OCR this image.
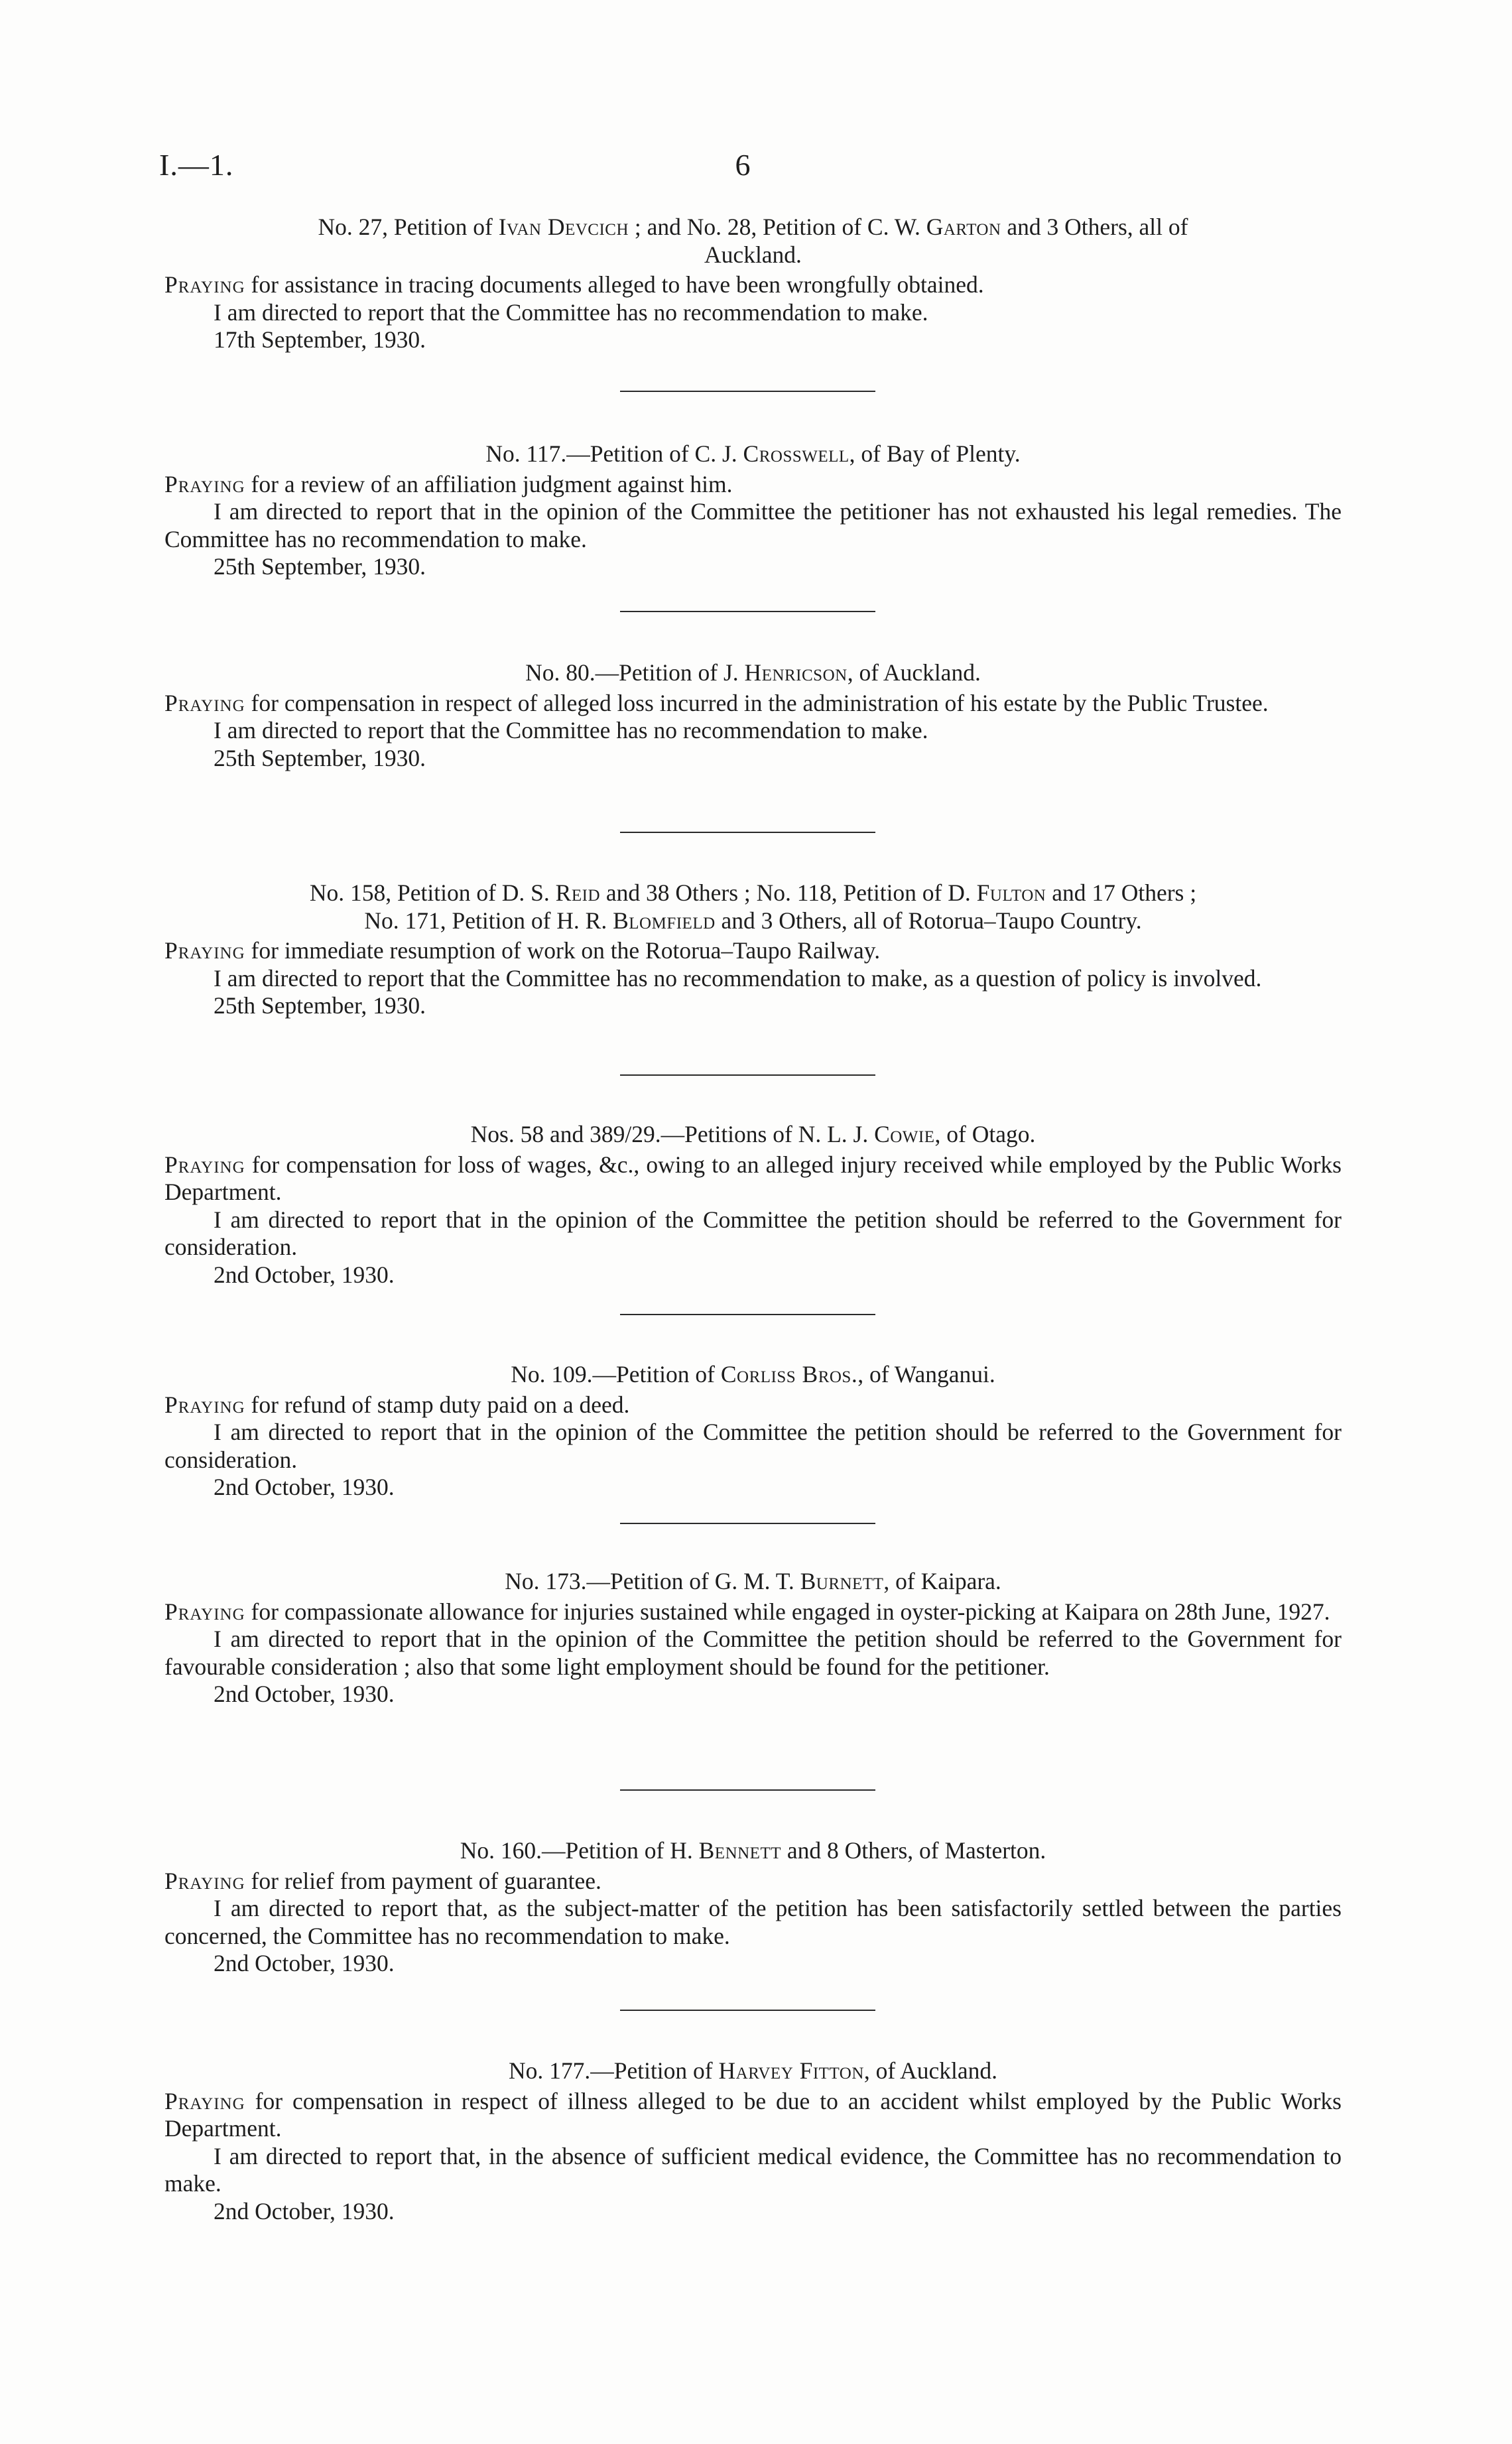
I.—1.	6
No. 27, Petition of Ivan Devcich ; and No. 28, Petition of C. W. Garton and 3 Others, all of
Auckland.
Praying for assistance in tracing documents alleged to have been wrongfully obtained.
I am directed to report that the Committee has no recommendation to make.
17th September, 1930.
No. 117.—Petition of C. J. Crosswell, of Bay of Plenty.
Praying for a review of an affiliation judgment against him.
I am directed to report that in the opinion of the Committee the petitioner has not exhausted his legal remedies. The Committee has no recommendation to make.
25th September, 1930.
No. 80.—Petition of J. Henricson, of Auckland.
Praying for compensation in respect of alleged loss incurred in the administration of his estate by the Public Trustee.
I am directed to report that the Committee has no recommendation to make.
25th September, 1930.
No. 158, Petition of D. S. Reid and 38 Others ; No. 118, Petition of D. Fulton and 17 Others ;
No. 171, Petition of H. R. Blomfield and 3 Others, all of Rotorua–Taupo Country.
Praying for immediate resumption of work on the Rotorua–Taupo Railway.
I am directed to report that the Committee has no recommendation to make, as a question of policy is involved.
25th September, 1930.
Nos. 58 and 389/29.—Petitions of N. L. J. Cowie, of Otago.
Praying for compensation for loss of wages, &c., owing to an alleged injury received while employed by the Public Works Department.
I am directed to report that in the opinion of the Committee the petition should be referred to the Government for consideration.
2nd October, 1930.
No. 109.—Petition of Corliss Bros., of Wanganui.
Praying for refund of stamp duty paid on a deed.
I am directed to report that in the opinion of the Committee the petition should be referred to the Government for consideration.
2nd October, 1930.
No. 173.—Petition of G. M. T. Burnett, of Kaipara.
Praying for compassionate allowance for injuries sustained while engaged in oyster-picking at Kaipara on 28th June, 1927.
I am directed to report that in the opinion of the Committee the petition should be referred to the Government for favourable consideration ; also that some light employment should be found for the petitioner.
2nd October, 1930.
No. 160.—Petition of H. Bennett and 8 Others, of Masterton.
Praying for relief from payment of guarantee.
I am directed to report that, as the subject-matter of the petition has been satisfactorily settled between the parties concerned, the Committee has no recommendation to make.
2nd October, 1930.
No. 177.—Petition of Harvey Fitton, of Auckland.
Praying for compensation in respect of illness alleged to be due to an accident whilst employed by the Public Works Department.
I am directed to report that, in the absence of sufficient medical evidence, the Committee has no recommendation to make.
2nd October, 1930.
